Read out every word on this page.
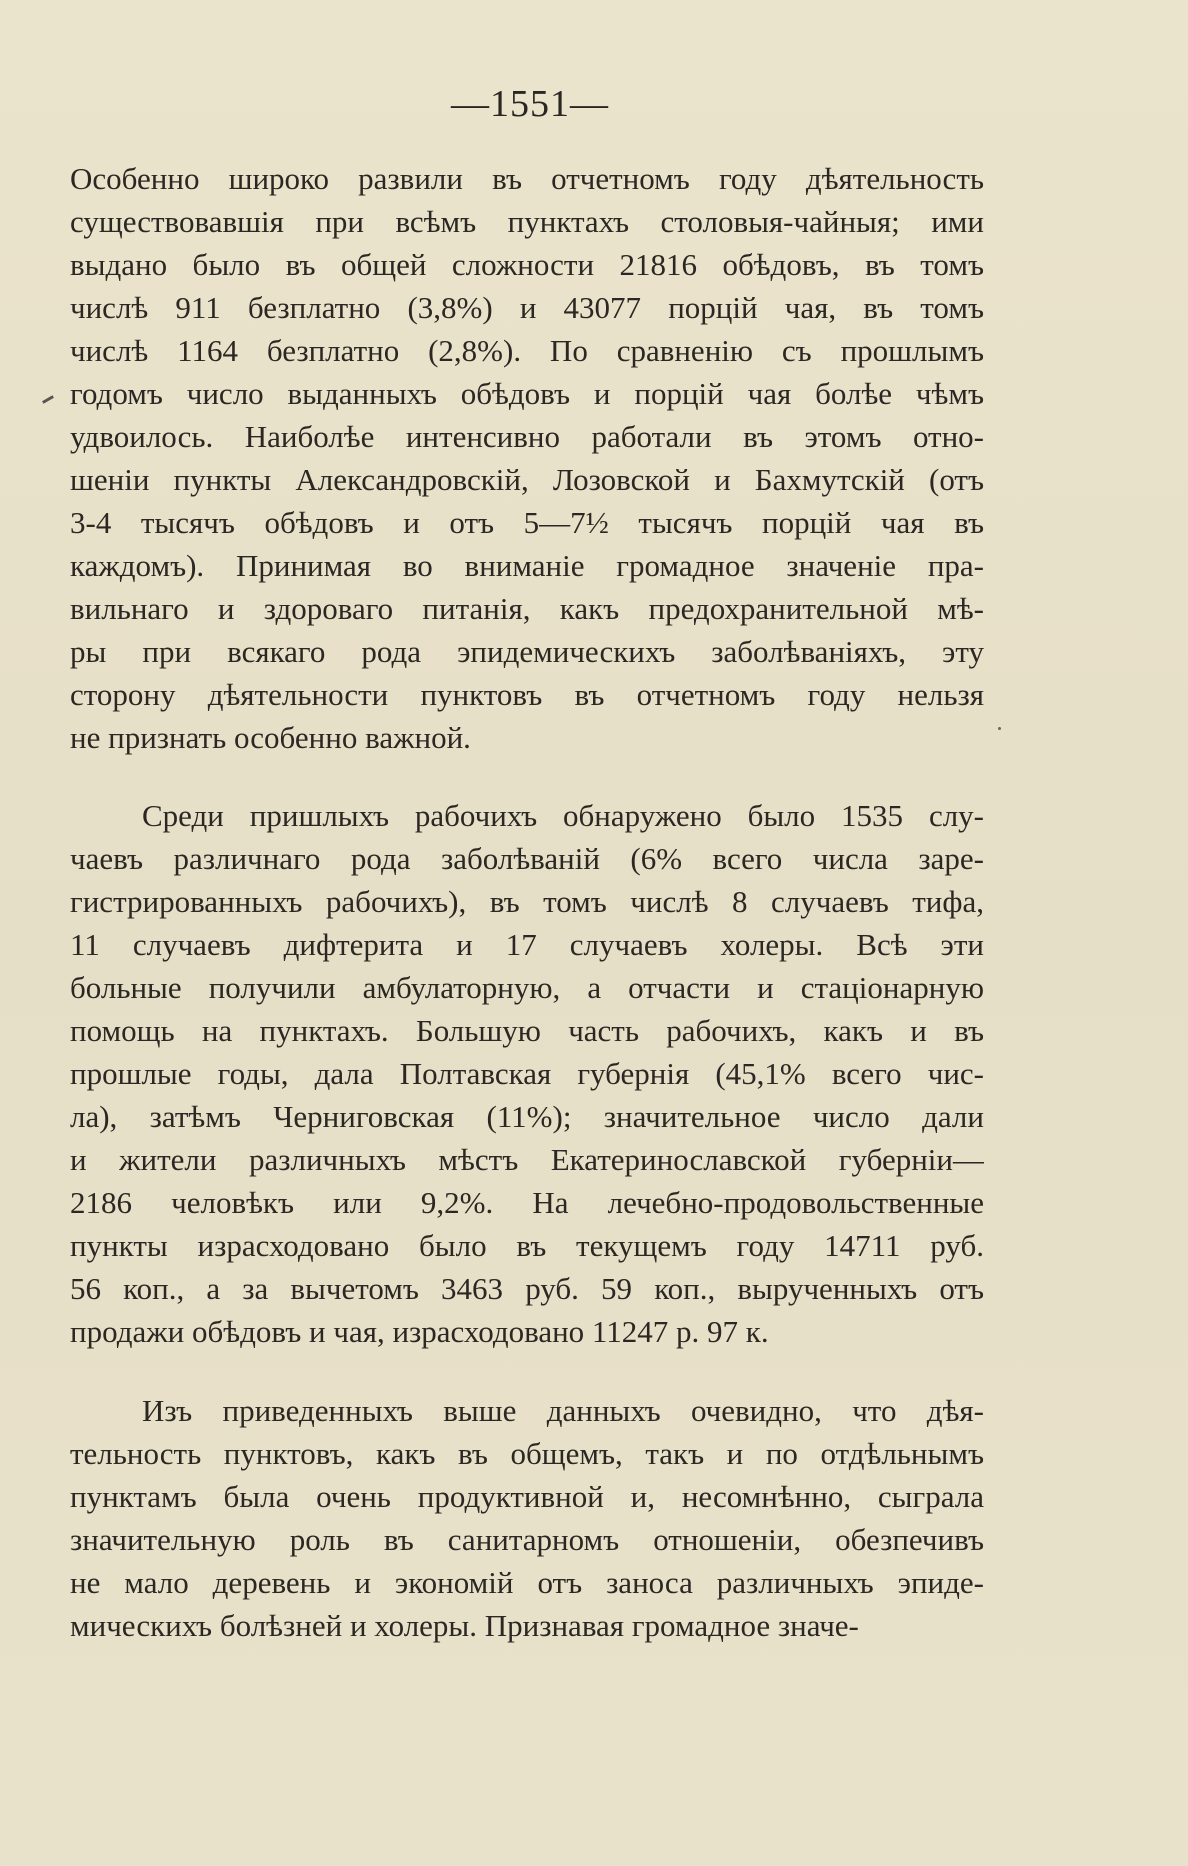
—1551—
Особенно широко развили въ отчетномъ году дѣятельность
существовавшія при всѣмъ пунктахъ столовыя-чайныя; ими
выдано было въ общей сложности 21816 обѣдовъ, въ томъ
числѣ 911 безплатно (3,8%) и 43077 порцій чая, въ томъ
числѣ 1164 безплатно (2,8%). По сравненію съ прошлымъ
годомъ число выданныхъ обѣдовъ и порцій чая болѣе чѣмъ
удвоилось. Наиболѣе интенсивно работали въ этомъ отно-
шеніи пункты Александровскій, Лозовской и Бахмутскій (отъ
3-4 тысячъ обѣдовъ и отъ 5—7½ тысячъ порцій чая въ
каждомъ). Принимая во вниманіе громадное значеніе пра-
вильнаго и здороваго питанія, какъ предохранительной мѣ-
ры при всякаго рода эпидемическихъ заболѣваніяхъ, эту
сторону дѣятельности пунктовъ въ отчетномъ году нельзя
не признать особенно важной.
Среди пришлыхъ рабочихъ обнаружено было 1535 слу-
чаевъ различнаго рода заболѣваній (6% всего числа заре-
гистрированныхъ рабочихъ), въ томъ числѣ 8 случаевъ тифа,
11 случаевъ дифтерита и 17 случаевъ холеры. Всѣ эти
больные получили амбулаторную, а отчасти и стаціонарную
помощь на пунктахъ. Большую часть рабочихъ, какъ и въ
прошлые годы, дала Полтавская губернія (45,1% всего чис-
ла), затѣмъ Черниговская (11%); значительное число дали
и жители различныхъ мѣстъ Екатеринославской губерніи—
2186 человѣкъ или 9,2%. На лечебно-продовольственные
пункты израсходовано было въ текущемъ году 14711 руб.
56 коп., а за вычетомъ 3463 руб. 59 коп., вырученныхъ отъ
продажи обѣдовъ и чая, израсходовано 11247 р. 97 к.
Изъ приведенныхъ выше данныхъ очевидно, что дѣя-
тельность пунктовъ, какъ въ общемъ, такъ и по отдѣльнымъ
пунктамъ была очень продуктивной и, несомнѣнно, сыграла
значительную роль въ санитарномъ отношеніи, обезпечивъ
не мало деревень и экономій отъ заноса различныхъ эпиде-
мическихъ болѣзней и холеры. Признавая громадное значе-
